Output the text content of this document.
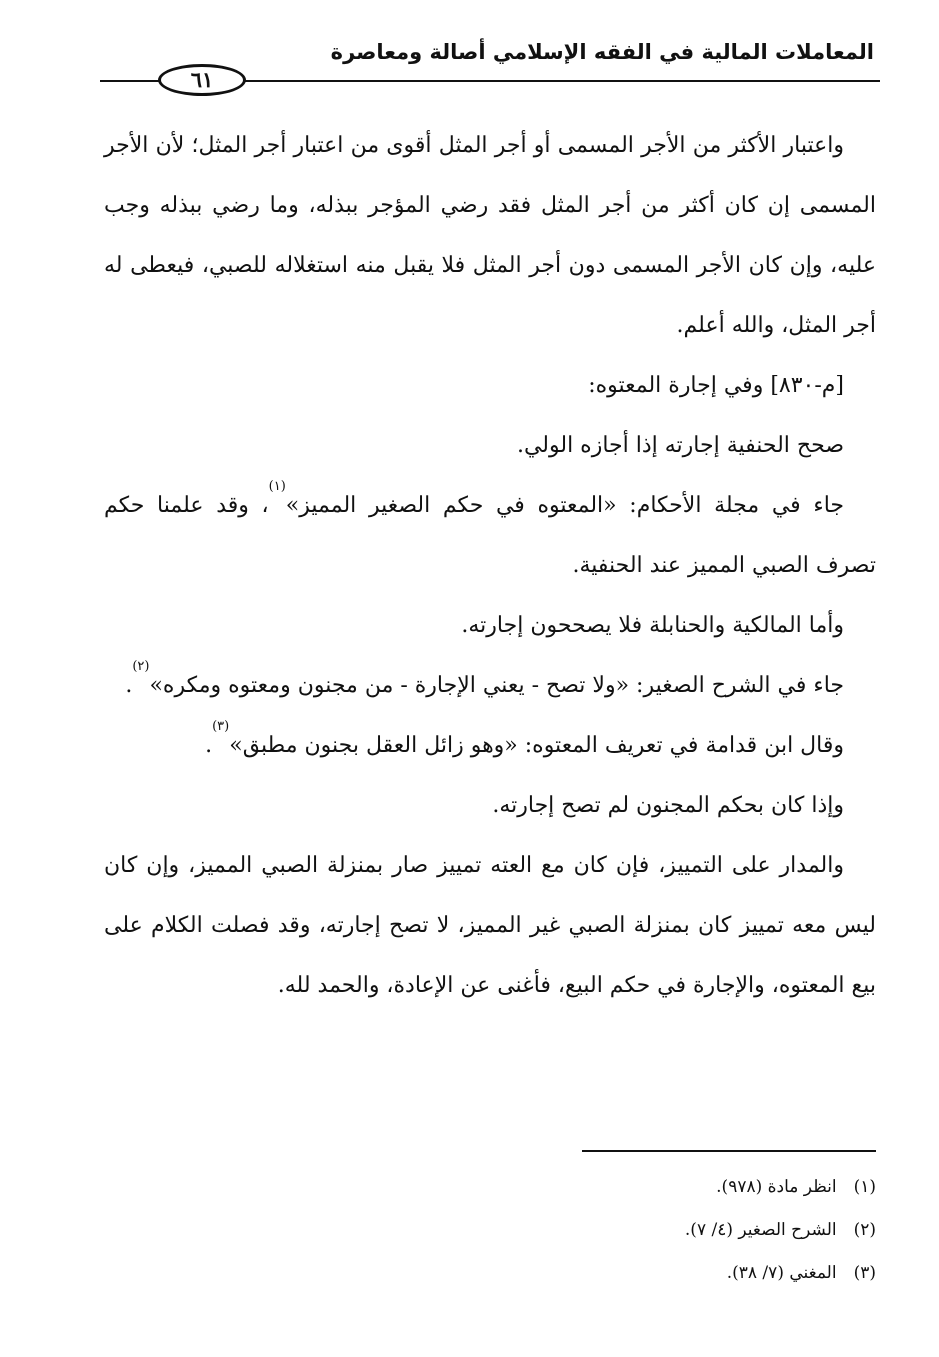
المعاملات المالية في الفقه الإسلامي أصالة ومعاصرة
٦١

واعتبار الأكثر من الأجر المسمى أو أجر المثل أقوى من اعتبار أجر المثل؛ لأن الأجر المسمى إن كان أكثر من أجر المثل فقد رضي المؤجر ببذله، وما رضي ببذله وجب عليه، وإن كان الأجر المسمى دون أجر المثل فلا يقبل منه استغلاله للصبي، فيعطى له أجر المثل، والله أعلم.

[م-٨٣٠] وفي إجارة المعتوه:

صحح الحنفية إجارته إذا أجازه الولي.

جاء في مجلة الأحكام: «المعتوه في حكم الصغير المميز»$^{(١)}$، وقد علمنا حكم تصرف الصبي المميز عند الحنفية.

وأما المالكية والحنابلة فلا يصححون إجارته.

جاء في الشرح الصغير: «ولا تصح - يعني الإجارة - من مجنون ومعتوه ومكره»$^{(٢)}$.

وقال ابن قدامة في تعريف المعتوه: «وهو زائل العقل بجنون مطبق»$^{(٣)}$.

وإذا كان بحكم المجنون لم تصح إجارته.

والمدار على التمييز، فإن كان مع العته تمييز صار بمنزلة الصبي المميز، وإن كان ليس معه تمييز كان بمنزلة الصبي غير المميز، لا تصح إجارته، وقد فصلت الكلام على بيع المعتوه، والإجارة في حكم البيع، فأغنى عن الإعادة، والحمد لله.

(١) انظر مادة (٩٧٨).
(٢) الشرح الصغير (٤/ ٧).
(٣) المغني (٧/ ٣٨).
